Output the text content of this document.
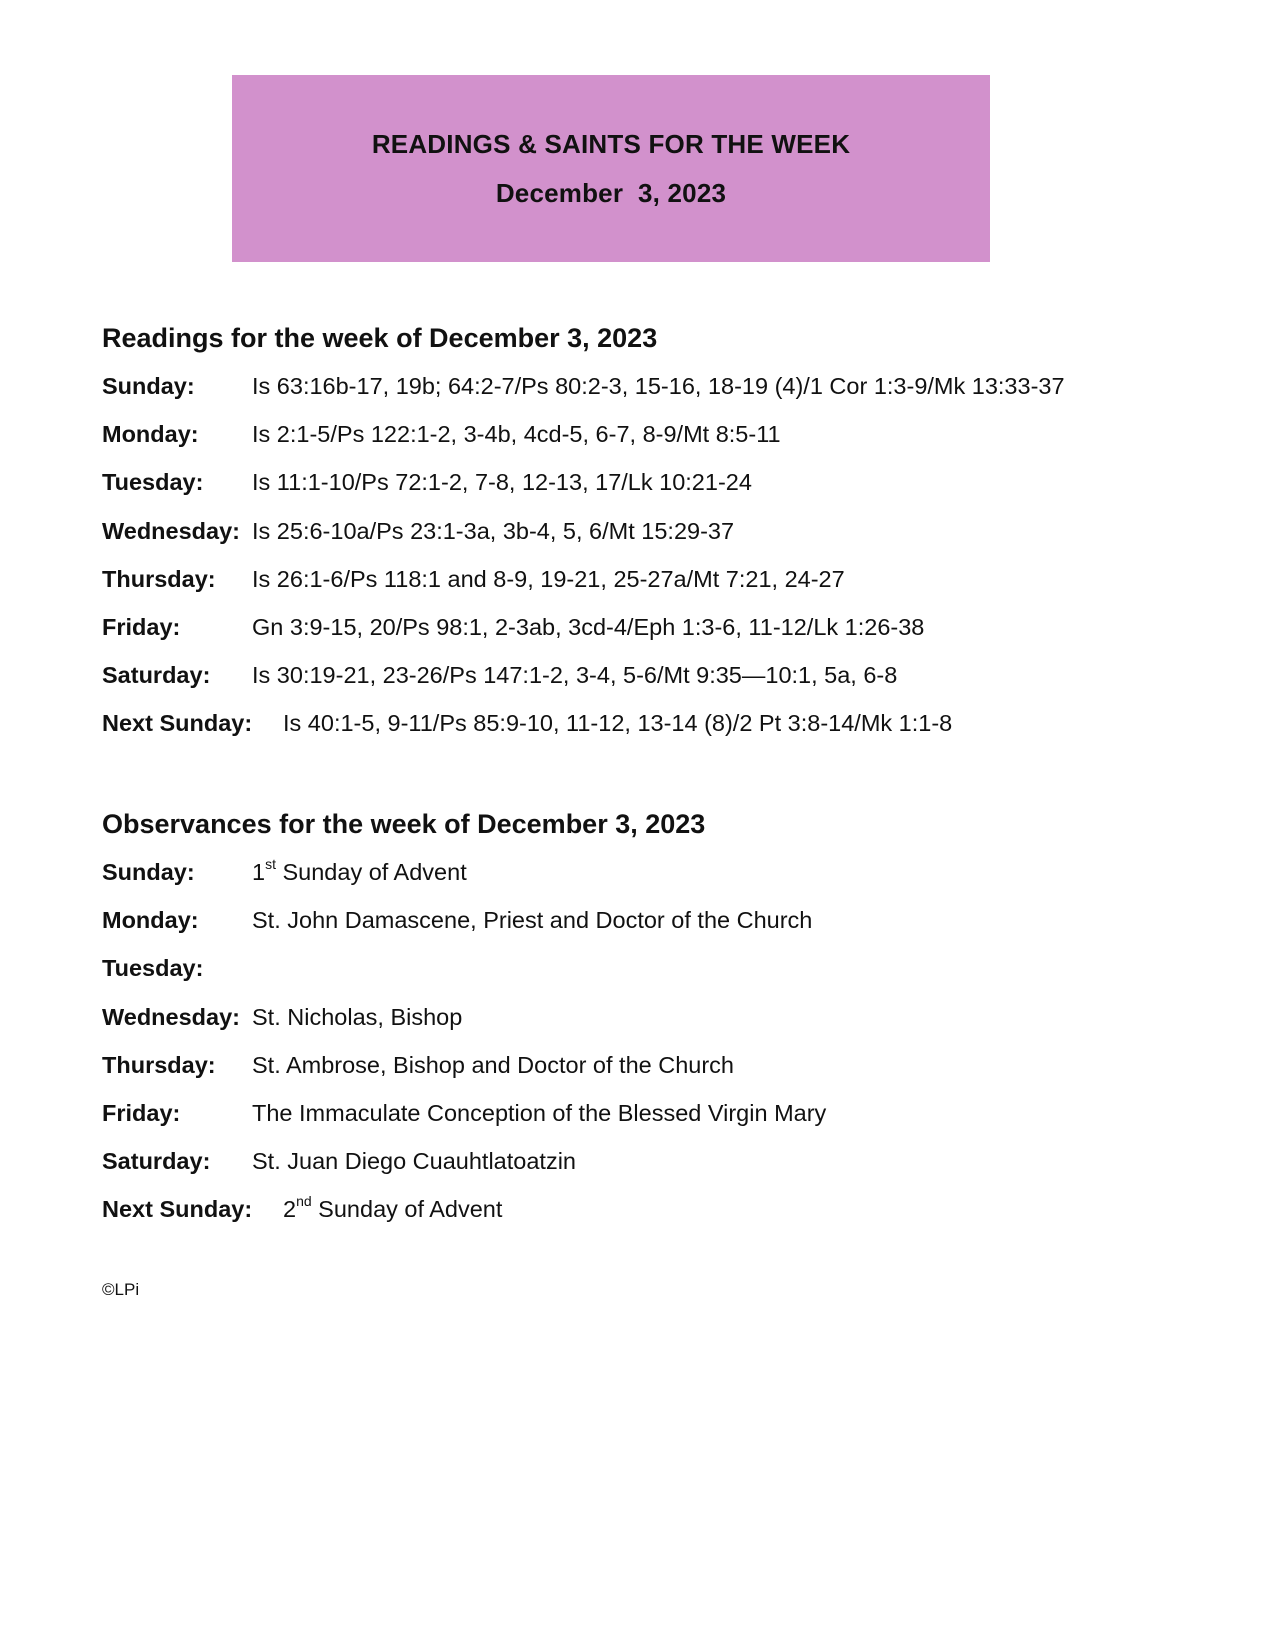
READINGS & SAINTS FOR THE WEEK
December  3, 2023
Readings for the week of December 3, 2023
Sunday: Is 63:16b-17, 19b; 64:2-7/Ps 80:2-3, 15-16, 18-19 (4)/1 Cor 1:3-9/Mk 13:33-37
Monday: Is 2:1-5/Ps 122:1-2, 3-4b, 4cd-5, 6-7, 8-9/Mt 8:5-11
Tuesday: Is 11:1-10/Ps 72:1-2, 7-8, 12-13, 17/Lk 10:21-24
Wednesday: Is 25:6-10a/Ps 23:1-3a, 3b-4, 5, 6/Mt 15:29-37
Thursday: Is 26:1-6/Ps 118:1 and 8-9, 19-21, 25-27a/Mt 7:21, 24-27
Friday:	Gn 3:9-15, 20/Ps 98:1, 2-3ab, 3cd-4/Eph 1:3-6, 11-12/Lk 1:26-38
Saturday: Is 30:19-21, 23-26/Ps 147:1-2, 3-4, 5-6/Mt 9:35—10:1, 5a, 6-8
Next Sunday: Is 40:1-5, 9-11/Ps 85:9-10, 11-12, 13-14 (8)/2 Pt 3:8-14/Mk 1:1-8
Observances for the week of December 3, 2023
Sunday: 1st Sunday of Advent
Monday: St. John Damascene, Priest and Doctor of the Church
Tuesday:
Wednesday: St. Nicholas, Bishop
Thursday: St. Ambrose, Bishop and Doctor of the Church
Friday:	The Immaculate Conception of the Blessed Virgin Mary
Saturday: St. Juan Diego Cuauhtlatoatzin
Next Sunday: 2nd Sunday of Advent
©LPi
